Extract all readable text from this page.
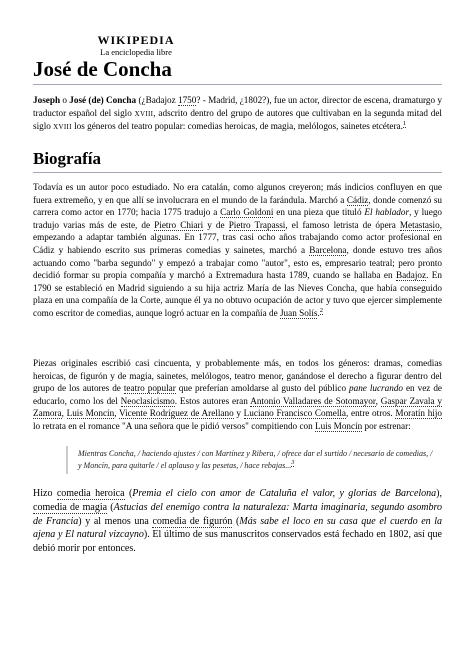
WIKIPEDIA
La enciclopedia libre
José de Concha

Joseph o José (de) Concha (¿Badajoz 1750? - Madrid, ¿1802?), fue un actor, director de escena, dramaturgo y traductor español del siglo XVIII, adscrito dentro del grupo de autores que cultivaban en la segunda mitad del siglo XVIII los géneros del teatro popular: comedias heroicas, de magia, melólogos, sainetes etcétera.$^1$

Biografía

Todavía es un autor poco estudiado. No era catalán, como algunos creyeron; más indicios confluyen en que fuera extremeño, y en que allí se involucrara en el mundo de la farándula. Marchó a Cádiz, donde comenzó su carrera como actor en 1770; hacia 1775 tradujo a Carlo Goldoni en una pieza que tituló El hablador, y luego tradujo varias más de este, de Pietro Chiari y de Pietro Trapassi, el famoso letrista de ópera Metastasio, empezando a adaptar también algunas. En 1777, tras casi ocho años trabajando como actor profesional en Cádiz y habiendo escrito sus primeras comedias y sainetes, marchó a Barcelona, donde estuvo tres años actuando como "barba segundo" y empezó a trabajar como "autor", esto es, empresario teatral; pero pronto decidió formar su propia compañía y marchó a Extremadura hasta 1789, cuando se hallaba en Badajoz. En 1790 se estableció en Madrid siguiendo a su hija actriz María de las Nieves Concha, que había conseguido plaza en una compañía de la Corte, aunque él ya no obtuvo ocupación de actor y tuvo que ejercer simplemente como escritor de comedias, aunque logró actuar en la compañía de Juan Solís.$^2$

Piezas originales escribió casi cincuenta, y probablemente más, en todos los géneros: dramas, comedias heroicas, de figurón y de magia, sainetes, melólogos, teatro menor, ganándose el derecho a figurar dentro del grupo de los autores de teatro popular que preferían amoldarse al gusto del público pane lucrando en vez de educarlo, como los del Neoclasicismo. Estos autores eran Antonio Valladares de Sotomayor, Gaspar Zavala y Zamora, Luis Moncín, Vicente Rodríguez de Arellano y Luciano Francisco Comella, entre otros. Moratín hijo lo retrata en el romance "A una señora que le pidió versos" compitiendo con Luis Moncín por estrenar:

Mientras Concha, / haciendo ajustes / con Martínez y Ribera, / ofrece dar el surtido / necesario de comedias, / y Moncín, para quitarle / el aplauso y las pesetas, / hace rebajas...$^3$

Hizo comedia heroica (Premia el cielo con amor de Cataluña el valor, y glorias de Barcelona), comedia de magia (Astucias del enemigo contra la naturaleza: Marta imaginaria, segundo asombro de Francia) y al menos una comedia de figurón (Más sabe el loco en su casa que el cuerdo en la ajena y El natural vizcayno). El último de sus manuscritos conservados está fechado en 1802, así que debió morir por entonces.
